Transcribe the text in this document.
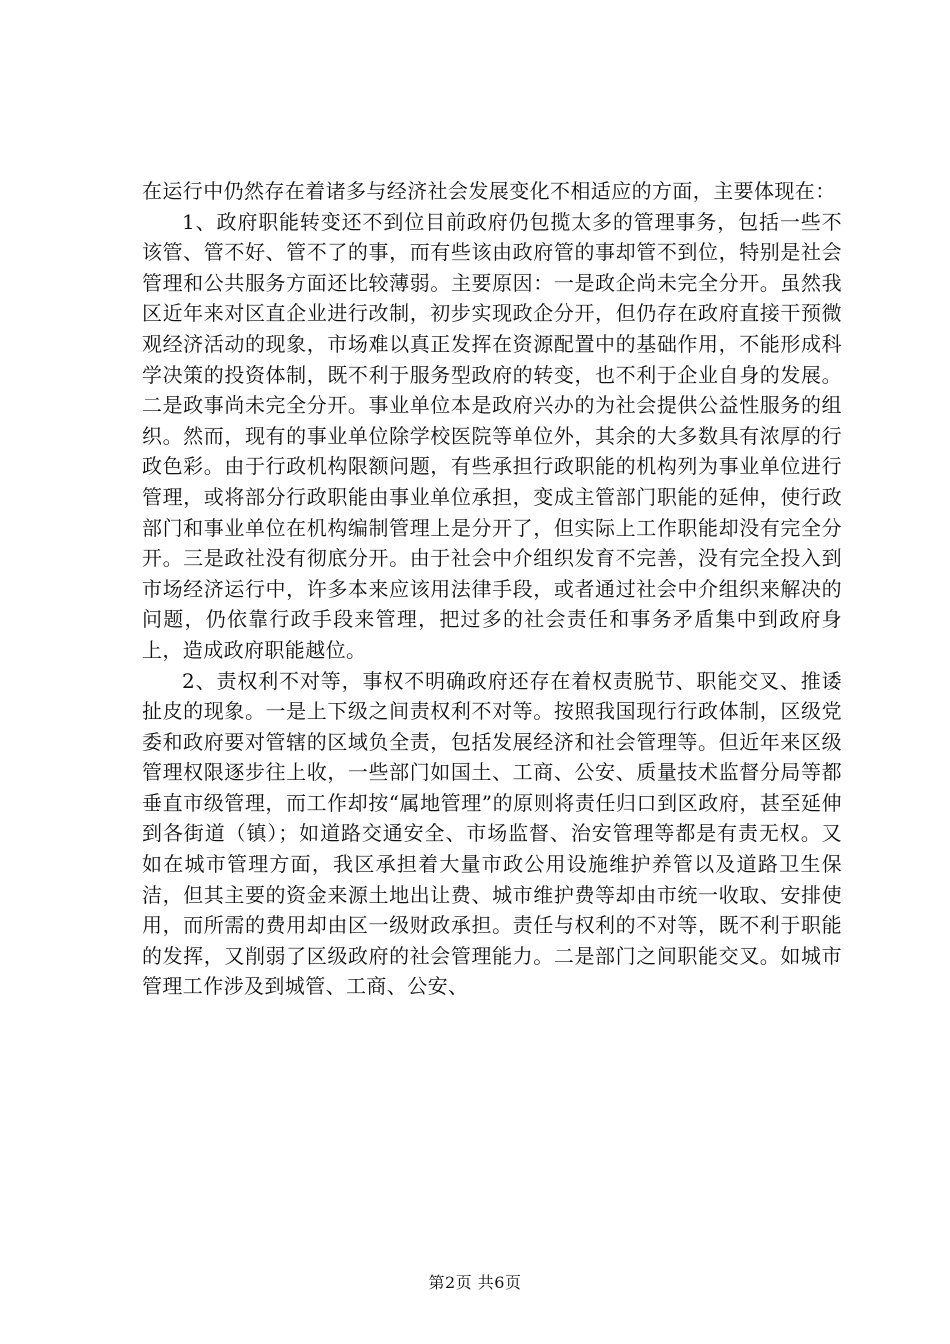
在运行中仍然存在着诸多与经济社会发展变化不相适应的方面，主要体现在：

1、政府职能转变还不到位目前政府仍包揽太多的管理事务，包括一些不该管、管不好、管不了的事，而有些该由政府管的事却管不到位，特别是社会管理和公共服务方面还比较薄弱。主要原因：一是政企尚未完全分开。虽然我区近年来对区直企业进行改制，初步实现政企分开，但仍存在政府直接干预微观经济活动的现象，市场难以真正发挥在资源配置中的基础作用，不能形成科学决策的投资体制，既不利于服务型政府的转变，也不利于企业自身的发展。二是政事尚未完全分开。事业单位本是政府兴办的为社会提供公益性服务的组织。然而，现有的事业单位除学校医院等单位外，其余的大多数具有浓厚的行政色彩。由于行政机构限额问题，有些承担行政职能的机构列为事业单位进行管理，或将部分行政职能由事业单位承担，变成主管部门职能的延伸，使行政部门和事业单位在机构编制管理上是分开了，但实际上工作职能却没有完全分开。三是政社没有彻底分开。由于社会中介组织发育不完善，没有完全投入到市场经济运行中，许多本来应该用法律手段，或者通过社会中介组织来解决的问题，仍依靠行政手段来管理，把过多的社会责任和事务矛盾集中到政府身上，造成政府职能越位。

2、责权利不对等，事权不明确政府还存在着权责脱节、职能交叉、推诿扯皮的现象。一是上下级之间责权利不对等。按照我国现行行政体制，区级党委和政府要对管辖的区域负全责，包括发展经济和社会管理等。但近年来区级管理权限逐步往上收，一些部门如国土、工商、公安、质量技术监督分局等都垂直市级管理，而工作却按“属地管理”的原则将责任归口到区政府，甚至延伸到各街道（镇）；如道路交通安全、市场监督、治安管理等都是有责无权。又如在城市管理方面，我区承担着大量市政公用设施维护养管以及道路卫生保洁，但其主要的资金来源土地出让费、城市维护费等却由市统一收取、安排使用，而所需的费用却由区一级财政承担。责任与权利的不对等，既不利于职能的发挥，又削弱了区级政府的社会管理能力。二是部门之间职能交叉。如城市管理工作涉及到城管、工商、公安、

第2页 共6页
